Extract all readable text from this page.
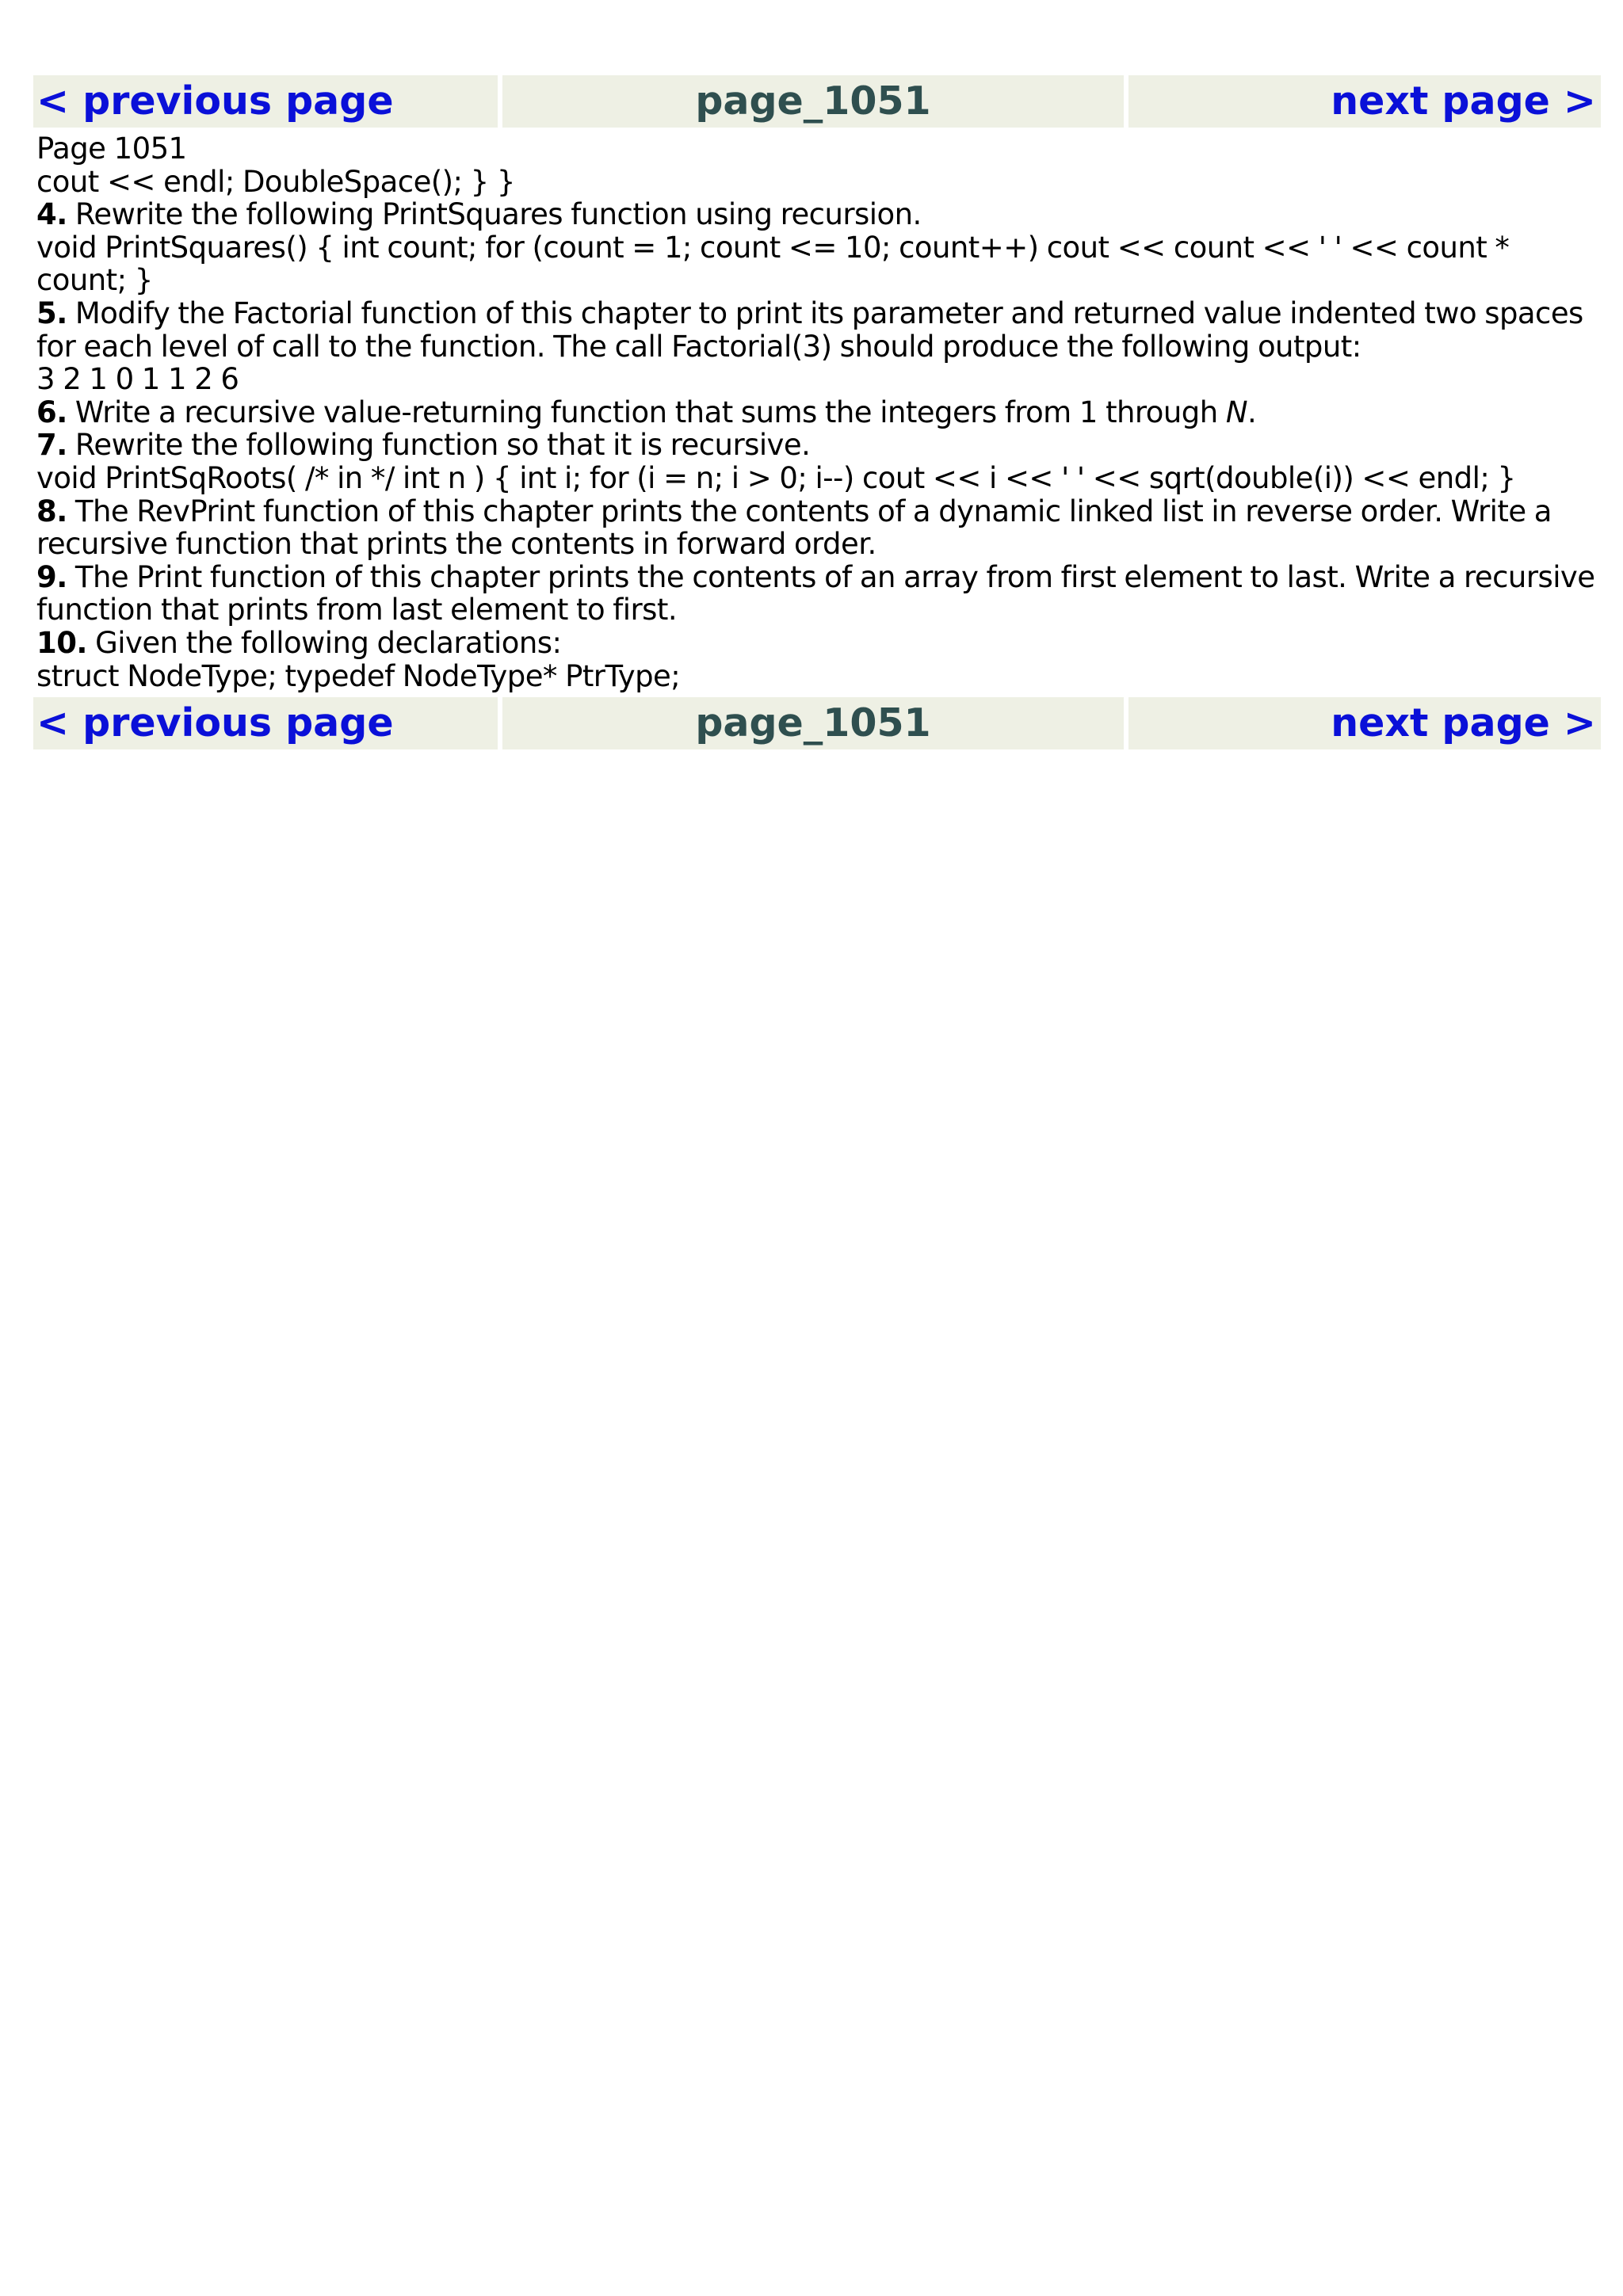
< previous page	page_1051	next page >

Page 1051

cout << endl; DoubleSpace(); } }

4. Rewrite the following PrintSquares function using recursion.

void PrintSquares() { int count; for (count = 1; count <= 10; count++) cout << count << ' ' << count * count; }

5. Modify the Factorial function of this chapter to print its parameter and returned value indented two spaces for each level of call to the function. The call Factorial(3) should produce the following output:

3 2 1 0 1 1 2 6

6. Write a recursive value-returning function that sums the integers from 1 through N.

7. Rewrite the following function so that it is recursive.

void PrintSqRoots( /* in */ int n ) { int i; for (i = n; i > 0; i--) cout << i << ' ' << sqrt(double(i)) << endl; }

8. The RevPrint function of this chapter prints the contents of a dynamic linked list in reverse order. Write a recursive function that prints the contents in forward order.

9. The Print function of this chapter prints the contents of an array from first element to last. Write a recursive function that prints from last element to first.

10. Given the following declarations:

struct NodeType; typedef NodeType* PtrType;

< previous page	page_1051	next page >
